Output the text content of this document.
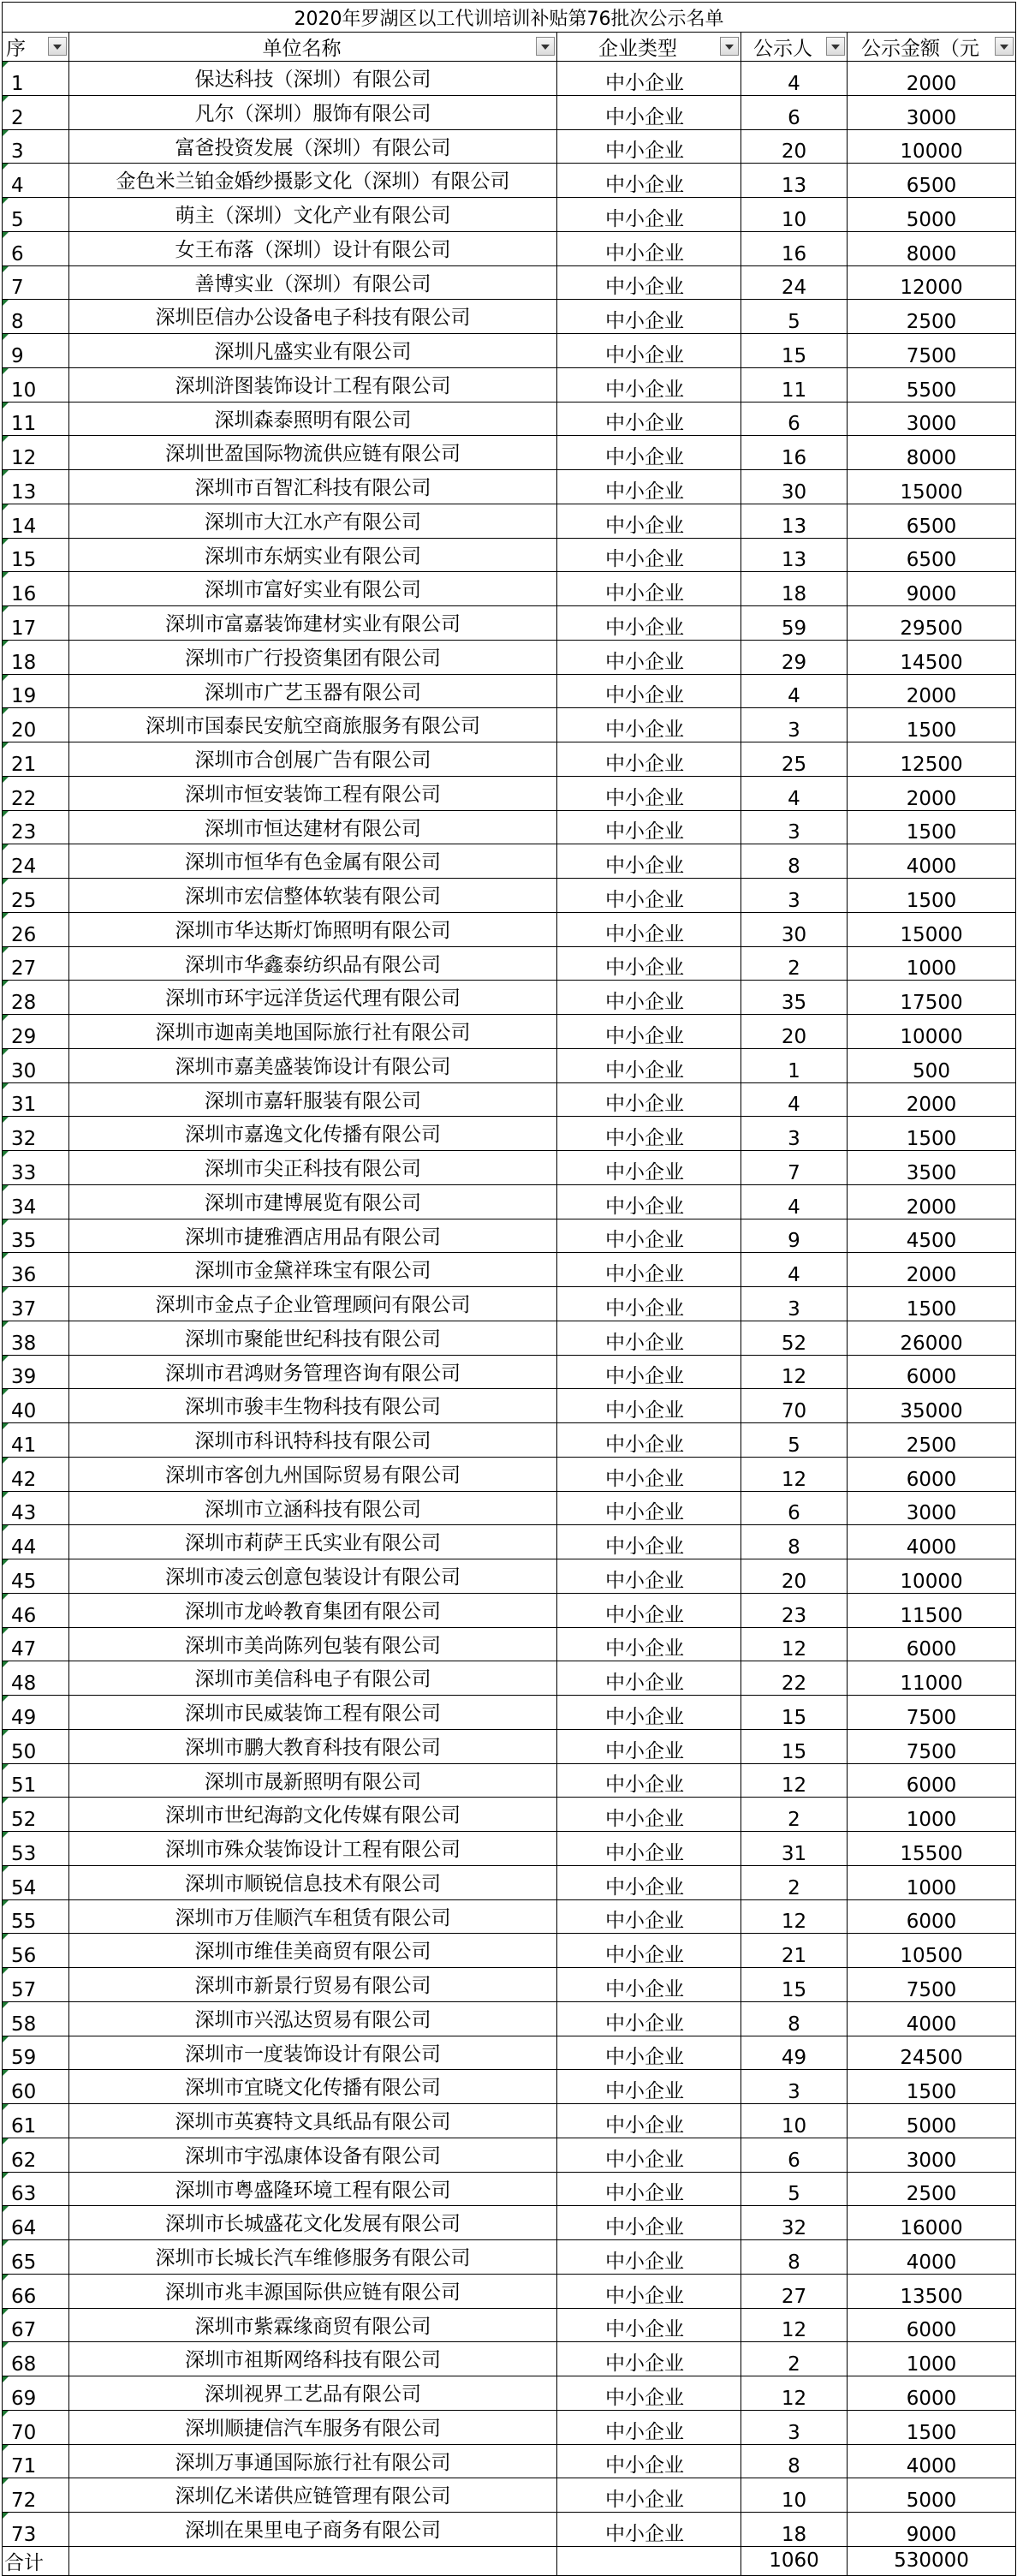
2020年罗湖区以工代训培训补贴第76批次公示名单				

序	单位名称	企业类型	公示人	公示金额（元

1	保达科技（深圳）有限公司	中小企业	4	2000

2	凡尔（深圳）服饰有限公司	中小企业	6	3000

3	富爸投资发展（深圳）有限公司	中小企业	20	10000

4	金色米兰铂金婚纱摄影文化（深圳）有限公司	中小企业	13	6500

5	萌主（深圳）文化产业有限公司	中小企业	10	5000

6	女王布落（深圳）设计有限公司	中小企业	16	8000

7	善博实业（深圳）有限公司	中小企业	24	12000

8	深圳臣信办公设备电子科技有限公司	中小企业	5	2500

9	深圳凡盛实业有限公司	中小企业	15	7500

10	深圳浒图装饰设计工程有限公司	中小企业	11	5500

11	深圳森泰照明有限公司	中小企业	6	3000

12	深圳世盈国际物流供应链有限公司	中小企业	16	8000

13	深圳市百智汇科技有限公司	中小企业	30	15000

14	深圳市大江水产有限公司	中小企业	13	6500

15	深圳市东炳实业有限公司	中小企业	13	6500

16	深圳市富好实业有限公司	中小企业	18	9000

17	深圳市富嘉装饰建材实业有限公司	中小企业	59	29500

18	深圳市广行投资集团有限公司	中小企业	29	14500

19	深圳市广艺玉器有限公司	中小企业	4	2000

20	深圳市国泰民安航空商旅服务有限公司	中小企业	3	1500

21	深圳市合创展广告有限公司	中小企业	25	12500

22	深圳市恒安装饰工程有限公司	中小企业	4	2000

23	深圳市恒达建材有限公司	中小企业	3	1500

24	深圳市恒华有色金属有限公司	中小企业	8	4000

25	深圳市宏信整体软装有限公司	中小企业	3	1500

26	深圳市华达斯灯饰照明有限公司	中小企业	30	15000

27	深圳市华鑫泰纺织品有限公司	中小企业	2	1000

28	深圳市环宇远洋货运代理有限公司	中小企业	35	17500

29	深圳市迦南美地国际旅行社有限公司	中小企业	20	10000

30	深圳市嘉美盛装饰设计有限公司	中小企业	1	500

31	深圳市嘉轩服装有限公司	中小企业	4	2000

32	深圳市嘉逸文化传播有限公司	中小企业	3	1500

33	深圳市尖正科技有限公司	中小企业	7	3500

34	深圳市建博展览有限公司	中小企业	4	2000

35	深圳市捷雅酒店用品有限公司	中小企业	9	4500

36	深圳市金黛祥珠宝有限公司	中小企业	4	2000

37	深圳市金点子企业管理顾问有限公司	中小企业	3	1500

38	深圳市聚能世纪科技有限公司	中小企业	52	26000

39	深圳市君鸿财务管理咨询有限公司	中小企业	12	6000

40	深圳市骏丰生物科技有限公司	中小企业	70	35000

41	深圳市科讯特科技有限公司	中小企业	5	2500

42	深圳市客创九州国际贸易有限公司	中小企业	12	6000

43	深圳市立涵科技有限公司	中小企业	6	3000

44	深圳市莉萨王氏实业有限公司	中小企业	8	4000

45	深圳市凌云创意包装设计有限公司	中小企业	20	10000

46	深圳市龙岭教育集团有限公司	中小企业	23	11500

47	深圳市美尚陈列包装有限公司	中小企业	12	6000

48	深圳市美信科电子有限公司	中小企业	22	11000

49	深圳市民威装饰工程有限公司	中小企业	15	7500

50	深圳市鹏大教育科技有限公司	中小企业	15	7500

51	深圳市晟新照明有限公司	中小企业	12	6000

52	深圳市世纪海韵文化传媒有限公司	中小企业	2	1000

53	深圳市殊众装饰设计工程有限公司	中小企业	31	15500

54	深圳市顺锐信息技术有限公司	中小企业	2	1000

55	深圳市万佳顺汽车租赁有限公司	中小企业	12	6000

56	深圳市维佳美商贸有限公司	中小企业	21	10500

57	深圳市新景行贸易有限公司	中小企业	15	7500

58	深圳市兴泓达贸易有限公司	中小企业	8	4000

59	深圳市一度装饰设计有限公司	中小企业	49	24500

60	深圳市宜晓文化传播有限公司	中小企业	3	1500

61	深圳市英赛特文具纸品有限公司	中小企业	10	5000

62	深圳市宇泓康体设备有限公司	中小企业	6	3000

63	深圳市粤盛隆环境工程有限公司	中小企业	5	2500

64	深圳市长城盛花文化发展有限公司	中小企业	32	16000

65	深圳市长城长汽车维修服务有限公司	中小企业	8	4000

66	深圳市兆丰源国际供应链有限公司	中小企业	27	13500

67	深圳市紫霖缘商贸有限公司	中小企业	12	6000

68	深圳市祖斯网络科技有限公司	中小企业	2	1000

69	深圳视界工艺品有限公司	中小企业	12	6000

70	深圳顺捷信汽车服务有限公司	中小企业	3	1500

71	深圳万事通国际旅行社有限公司	中小企业	8	4000

72	深圳亿米诺供应链管理有限公司	中小企业	10	5000

73	深圳在果里电子商务有限公司	中小企业	18	9000
合计			1060	530000
